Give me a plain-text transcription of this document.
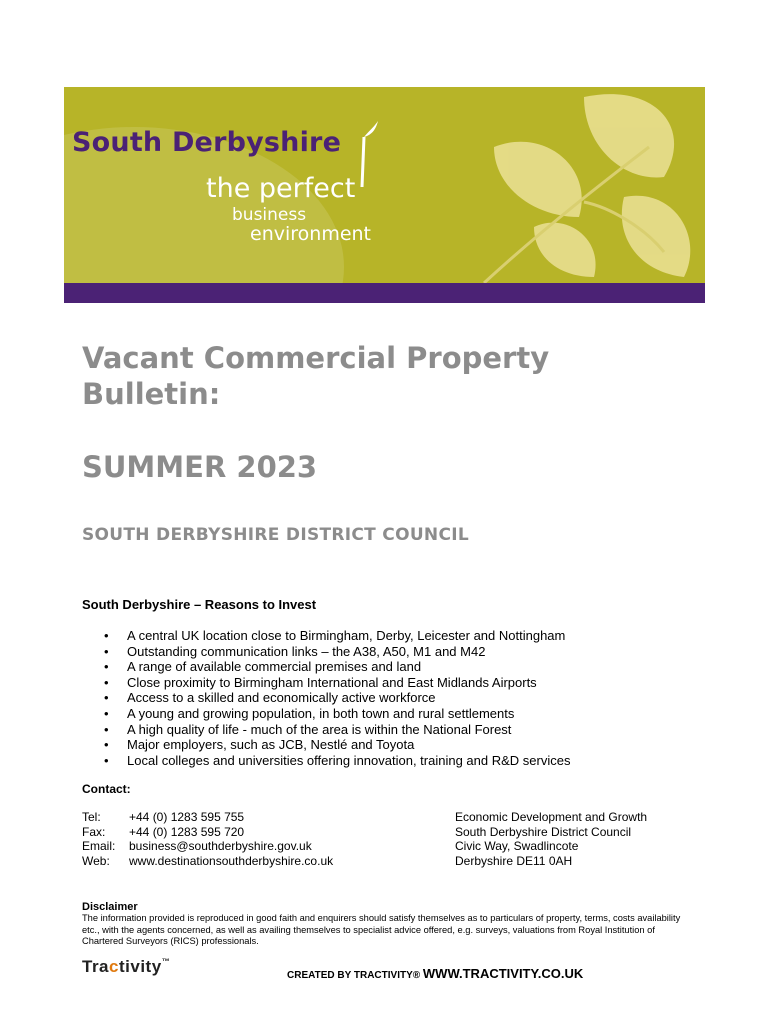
South Derbyshire
the perfect
business
environment
Vacant Commercial Property
Bulletin:
SUMMER 2023
SOUTH DERBYSHIRE DISTRICT COUNCIL
South Derbyshire – Reasons to Invest
• A central UK location close to Birmingham, Derby, Leicester and Nottingham
• Outstanding communication links – the A38, A50, M1 and M42
• A range of available commercial premises and land
• Close proximity to Birmingham International and East Midlands Airports
• Access to a skilled and economically active workforce
• A young and growing population, in both town and rural settlements
• A high quality of life - much of the area is within the National Forest
• Major employers, such as JCB, Nestlé and Toyota
• Local colleges and universities offering innovation, training and R&D services
Contact:
Tel: +44 (0) 1283 595 755
Fax: +44 (0) 1283 595 720
Email: business@southderbyshire.gov.uk
Web: www.destinationsouthderbyshire.co.uk
Economic Development and Growth
South Derbyshire District Council
Civic Way, Swadlincote
Derbyshire DE11 0AH
Disclaimer
The information provided is reproduced in good faith and enquirers should satisfy themselves as to particulars of property, terms, costs availability etc., with the agents concerned, as well as availing themselves to specialist advice offered, e.g. surveys, valuations from Royal Institution of Chartered Surveyors (RICS) professionals.
Tractivity™
CREATED BY TRACTIVITY® WWW.TRACTIVITY.CO.UK
